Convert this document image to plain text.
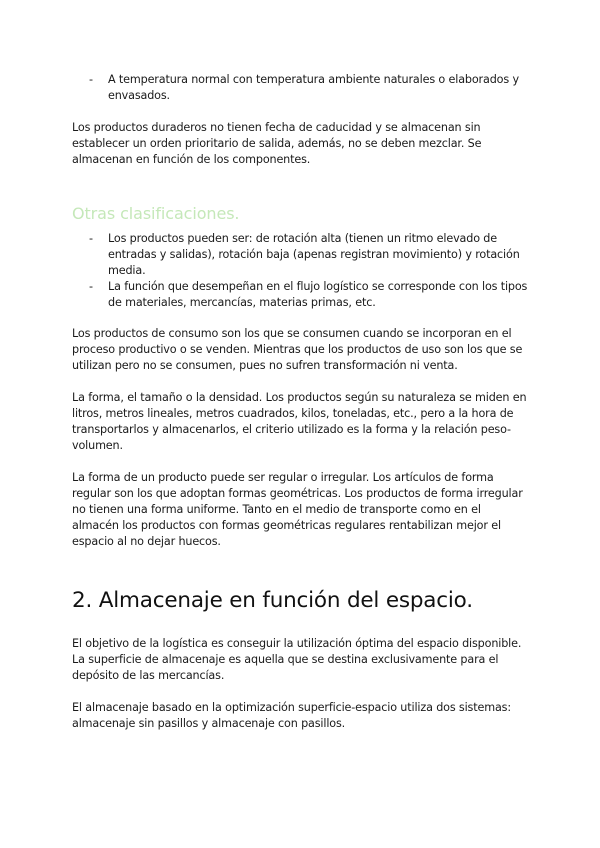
- A temperatura normal con temperatura ambiente naturales o elaborados y envasados.

Los productos duraderos no tienen fecha de caducidad y se almacenan sin establecer un orden prioritario de salida, además, no se deben mezclar. Se almacenan en función de los componentes.

Otras clasificaciones.
- Los productos pueden ser: de rotación alta (tienen un ritmo elevado de entradas y salidas), rotación baja (apenas registran movimiento) y rotación media.
- La función que desempeñan en el flujo logístico se corresponde con los tipos de materiales, mercancías, materias primas, etc.

Los productos de consumo son los que se consumen cuando se incorporan en el proceso productivo o se venden. Mientras que los productos de uso son los que se utilizan pero no se consumen, pues no sufren transformación ni venta.

La forma, el tamaño o la densidad. Los productos según su naturaleza se miden en litros, metros lineales, metros cuadrados, kilos, toneladas, etc., pero a la hora de transportarlos y almacenarlos, el criterio utilizado es la forma y la relación peso-volumen.

La forma de un producto puede ser regular o irregular. Los artículos de forma regular son los que adoptan formas geométricas. Los productos de forma irregular no tienen una forma uniforme. Tanto en el medio de transporte como en el almacén los productos con formas geométricas regulares rentabilizan mejor el espacio al no dejar huecos.

2. Almacenaje en función del espacio.

El objetivo de la logística es conseguir la utilización óptima del espacio disponible. La superficie de almacenaje es aquella que se destina exclusivamente para el depósito de las mercancías.

El almacenaje basado en la optimización superficie-espacio utiliza dos sistemas: almacenaje sin pasillos y almacenaje con pasillos.
